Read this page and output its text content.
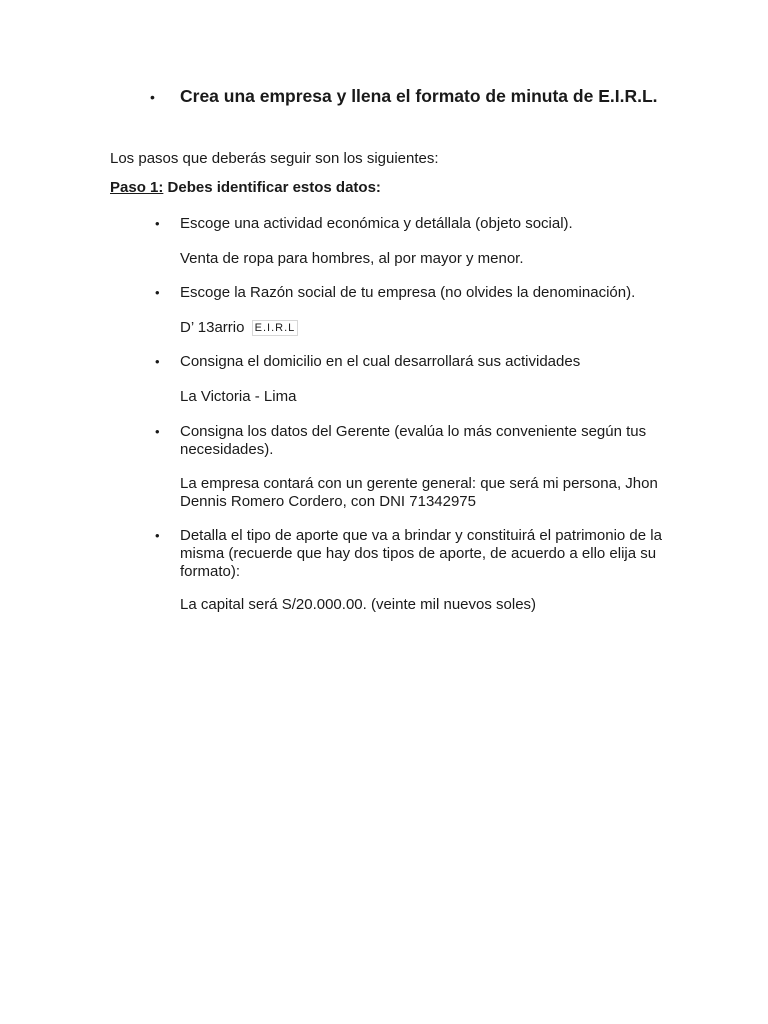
•	Crea una empresa y llena el formato de minuta de E.I.R.L.
Los pasos que deberás seguir son los siguientes:
Paso 1: Debes identificar estos datos:
• Escoge una actividad económica y detállala (objeto social).
Venta de ropa para hombres, al por mayor y menor.
• Escoge la Razón social de tu empresa (no olvides la denominación).
D’ 13arrio E.I.R.L
• Consigna el domicilio en el cual desarrollará sus actividades
La Victoria - Lima
• Consigna los datos del Gerente (evalúa lo más conveniente según tus necesidades).
La empresa contará con un gerente general: que será mi persona, Jhon Dennis Romero Cordero, con DNI 71342975
• Detalla el tipo de aporte que va a brindar y constituirá el patrimonio de la misma (recuerde que hay dos tipos de aporte, de acuerdo a ello elija su formato):
La capital será S/20.000.00. (veinte mil nuevos soles)
